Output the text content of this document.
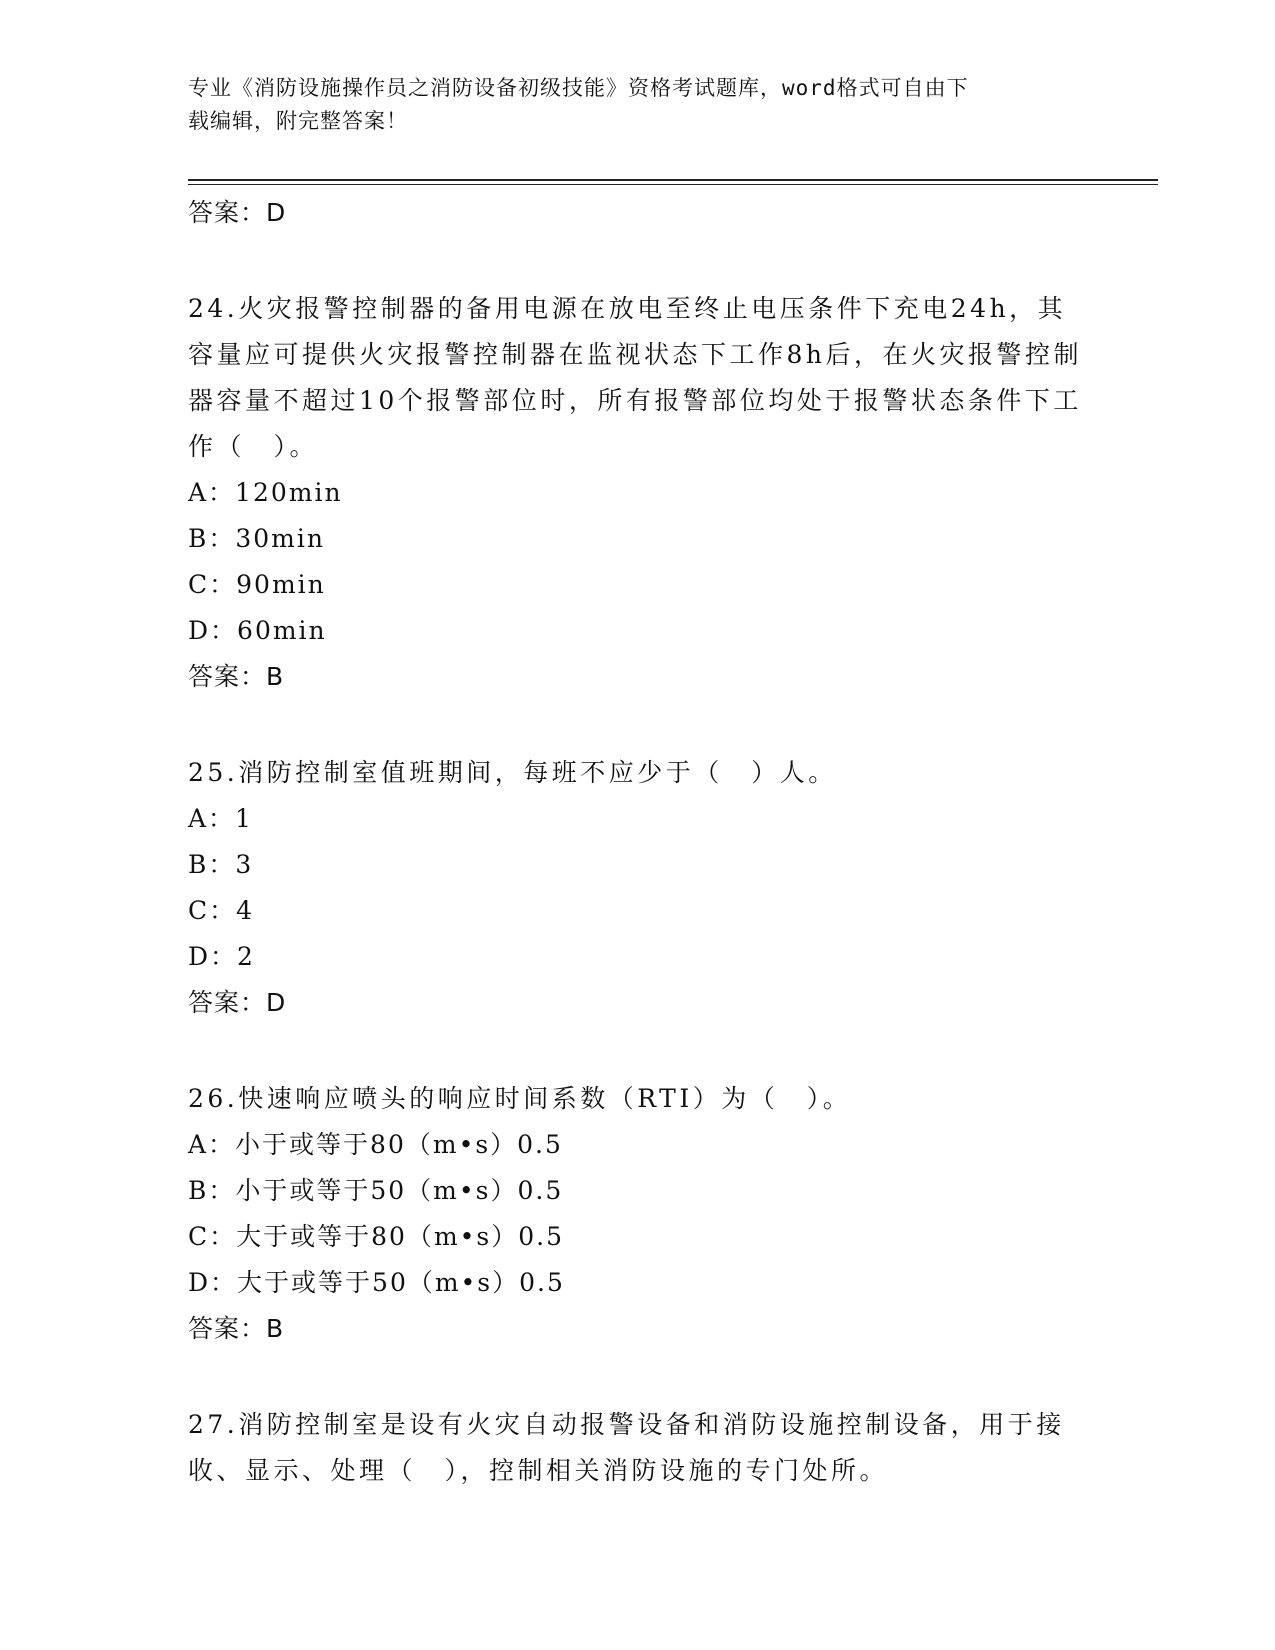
专业《消防设施操作员之消防设备初级技能》资格考试题库，word格式可自由下
载编辑，附完整答案！
答案：D
24.火灾报警控制器的备用电源在放电至终止电压条件下充电24h，其容量应可提供火灾报警控制器在监视状态下工作8h后，在火灾报警控制器容量不超过10个报警部位时，所有报警部位均处于报警状态条件下工作（　）。
A：120min
B：30min
C：90min
D：60min
答案：B
25.消防控制室值班期间，每班不应少于（　）人。
A：1
B：3
C：4
D：2
答案：D
26.快速响应喷头的响应时间系数（RTI）为（　）。
A：小于或等于80（m•s）0.5
B：小于或等于50（m•s）0.5
C：大于或等于80（m•s）0.5
D：大于或等于50（m•s）0.5
答案：B
27.消防控制室是设有火灾自动报警设备和消防设施控制设备，用于接收、显示、处理（　），控制相关消防设施的专门处所。
